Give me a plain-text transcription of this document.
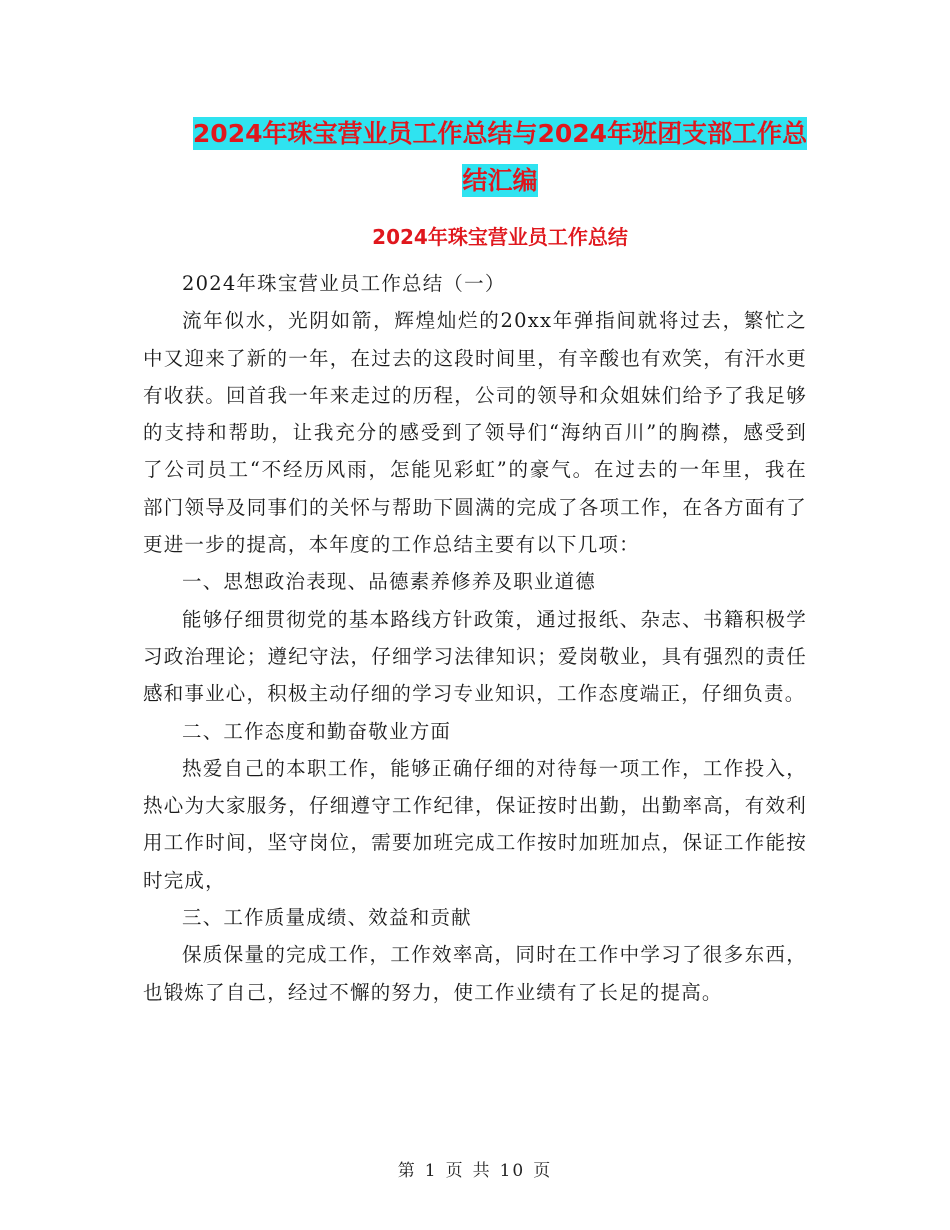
2024年珠宝营业员工作总结与2024年班团支部工作总
结汇编
2024年珠宝营业员工作总结

2024年珠宝营业员工作总结（一）

流年似水，光阴如箭，辉煌灿烂的20xx年弹指间就将过去，繁忙之中又迎来了新的一年，在过去的这段时间里，有辛酸也有欢笑，有汗水更有收获。回首我一年来走过的历程，公司的领导和众姐妹们给予了我足够的支持和帮助，让我充分的感受到了领导们“海纳百川”的胸襟，感受到了公司员工“不经历风雨，怎能见彩虹”的豪气。在过去的一年里，我在部门领导及同事们的关怀与帮助下圆满的完成了各项工作，在各方面有了更进一步的提高，本年度的工作总结主要有以下几项：

一、思想政治表现、品德素养修养及职业道德

能够仔细贯彻党的基本路线方针政策，通过报纸、杂志、书籍积极学习政治理论；遵纪守法，仔细学习法律知识；爱岗敬业，具有强烈的责任感和事业心，积极主动仔细的学习专业知识，工作态度端正，仔细负责。

二、工作态度和勤奋敬业方面

热爱自己的本职工作，能够正确仔细的对待每一项工作，工作投入，热心为大家服务，仔细遵守工作纪律，保证按时出勤，出勤率高，有效利用工作时间，坚守岗位，需要加班完成工作按时加班加点，保证工作能按时完成，

三、工作质量成绩、效益和贡献

保质保量的完成工作，工作效率高，同时在工作中学习了很多东西，也锻炼了自己，经过不懈的努力，使工作业绩有了长足的提高。

第 1 页 共 10 页
